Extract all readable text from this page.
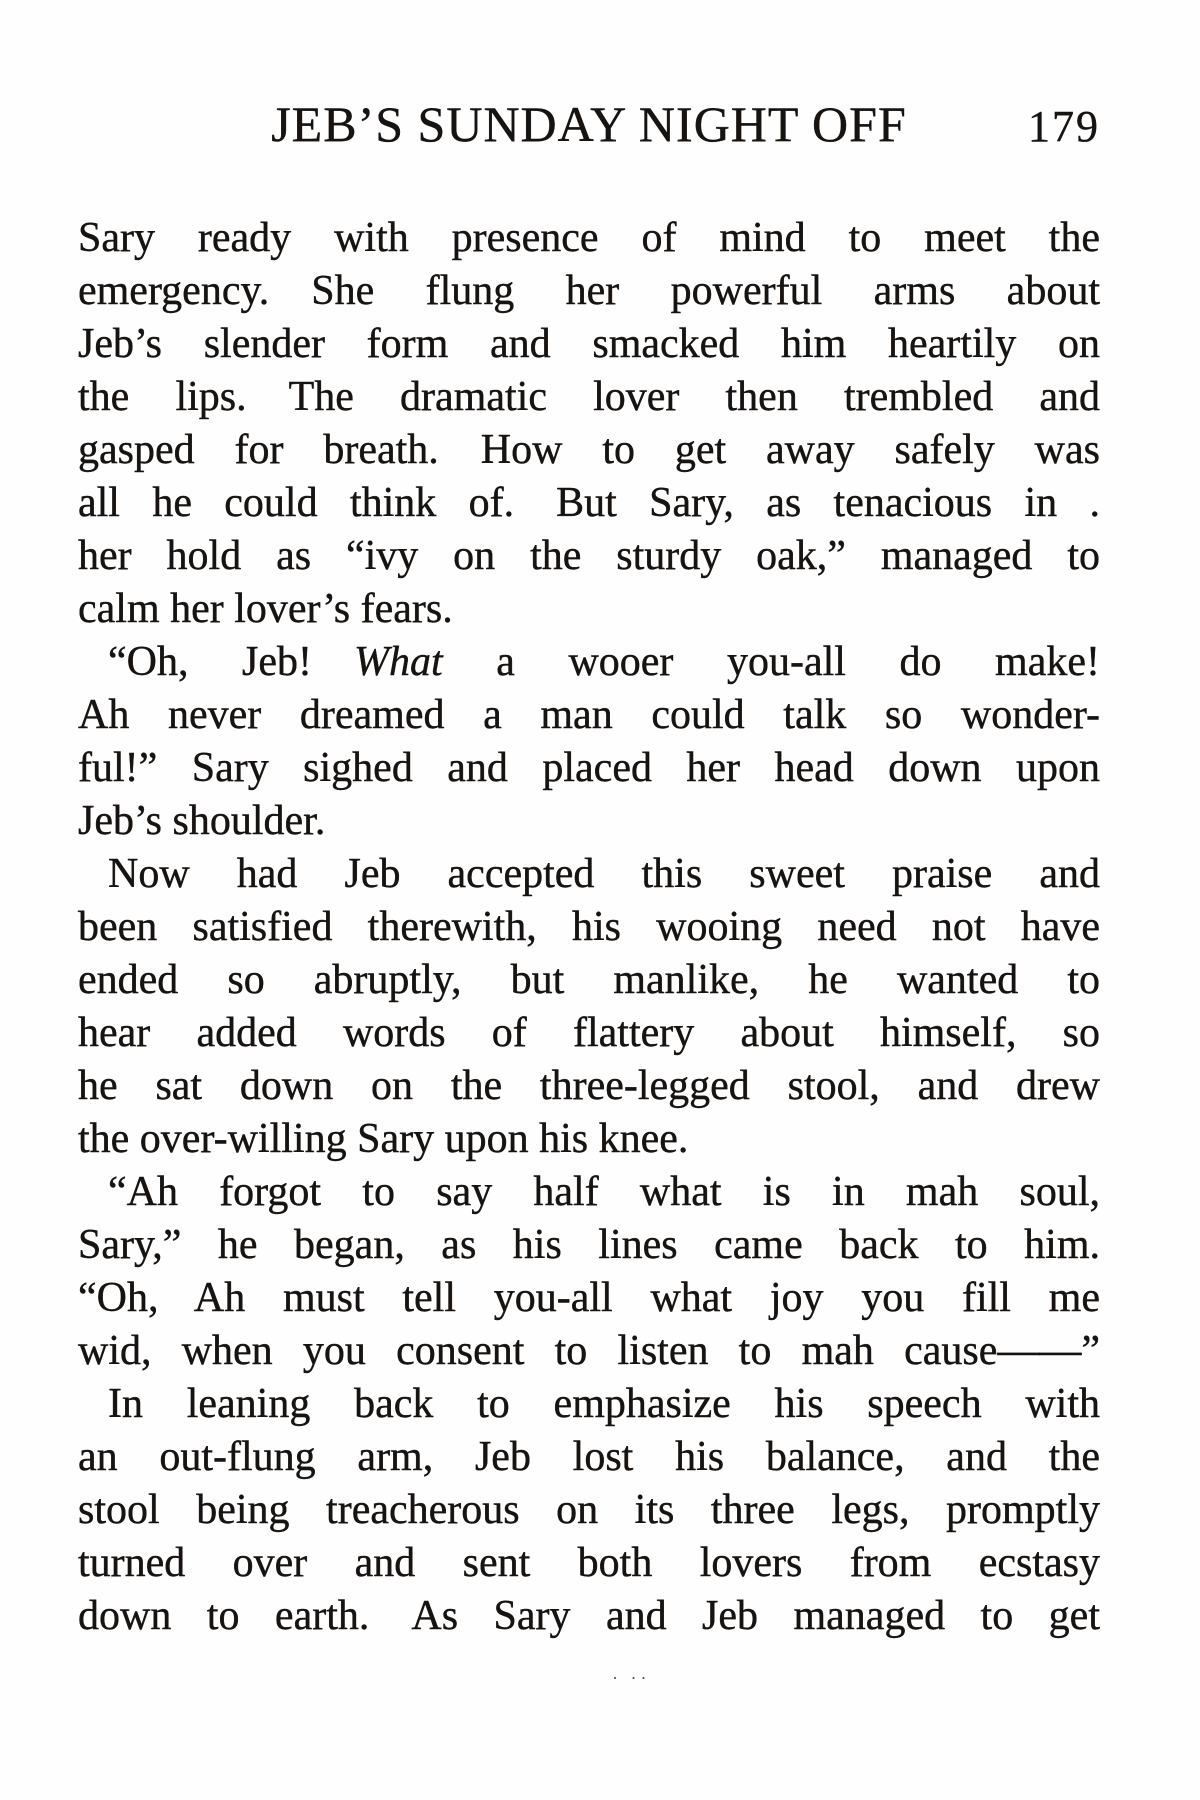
JEB’S SUNDAY NIGHT OFF	179
Sary ready with presence of mind to meet the
emergency. She flung her powerful arms about
Jeb’s slender form and smacked him heartily on
the lips. The dramatic lover then trembled and
gasped for breath. How to get away safely was
all he could think of. But Sary, as tenacious in .
her hold as “ivy on the sturdy oak,” managed to
calm her lover’s fears.
“Oh, Jeb! What a wooer you-all do make!
Ah never dreamed a man could talk so wonder-
ful!” Sary sighed and placed her head down upon
Jeb’s shoulder.
Now had Jeb accepted this sweet praise and
been satisfied therewith, his wooing need not have
ended so abruptly, but manlike, he wanted to
hear added words of flattery about himself, so
he sat down on the three-legged stool, and drew
the over-willing Sary upon his knee.
“Ah forgot to say half what is in mah soul,
Sary,” he began, as his lines came back to him.
“Oh, Ah must tell you-all what joy you fill me
wid, when you consent to listen to mah cause——”
In leaning back to emphasize his speech with
an out-flung arm, Jeb lost his balance, and the
stool being treacherous on its three legs, promptly
turned over and sent both lovers from ecstasy
down to earth. As Sary and Jeb managed to get
· ··
